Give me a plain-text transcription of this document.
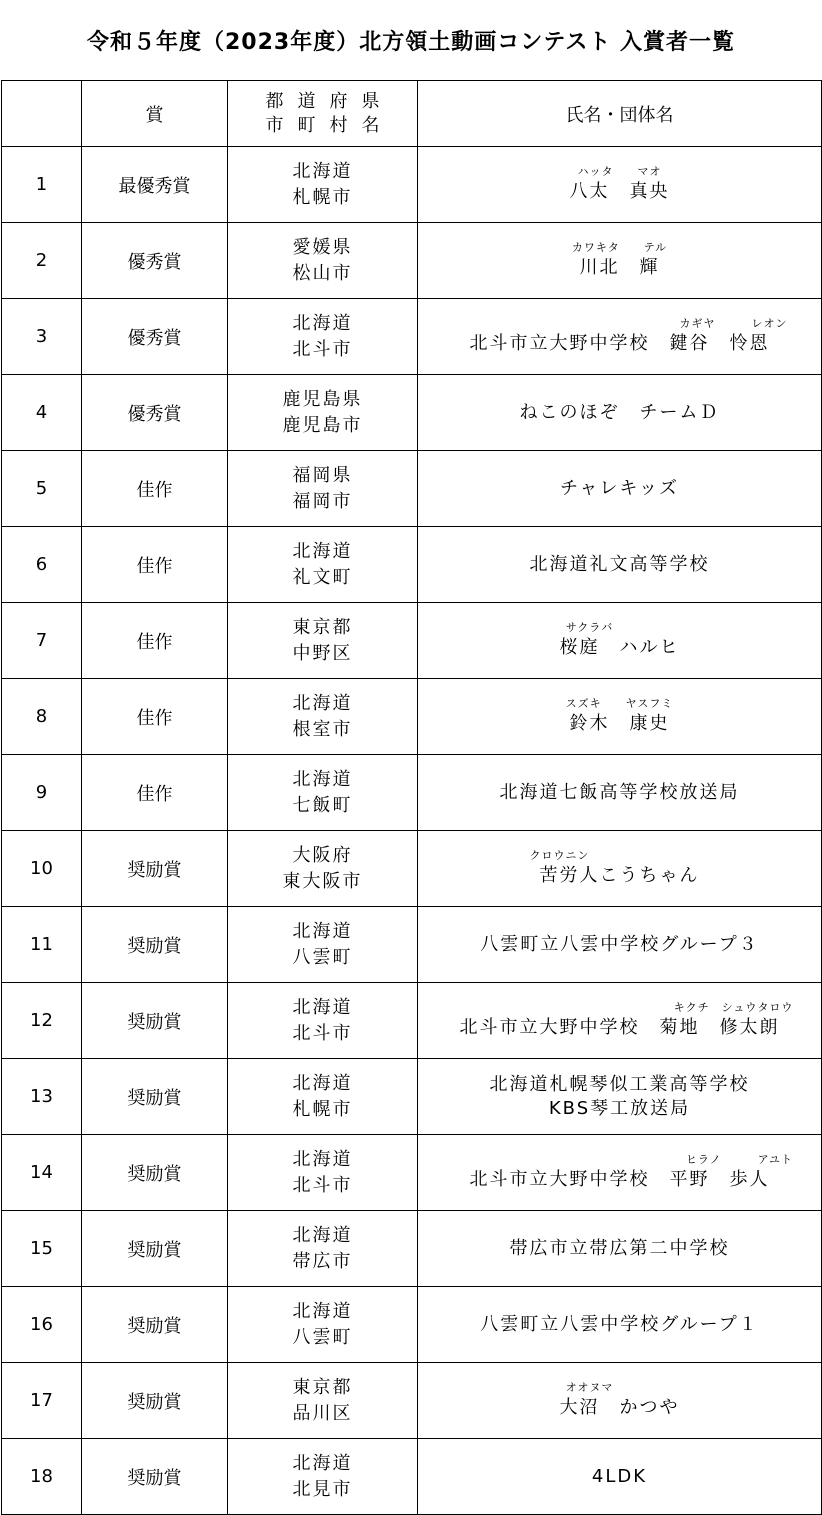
令和５年度（2023年度）北方領土動画コンテスト 入賞者一覧
	賞	都道府県
市町村名	氏名・団体名
1	最優秀賞	北海道
札幌市	ハッタ　　マオ
八太　真央

2	優秀賞	愛媛県
松山市	カワキタ　　テル
川北　輝

3	優秀賞	北海道
北斗市	　　　　　　　　　　　　　　　　　　　カギヤ　　　レオン
北斗市立大野中学校　鍵谷　怜恩

4	優秀賞	鹿児島県
鹿児島市	ねこのほぞ　チームＤ

5	佳作	福岡県
福岡市	チャレキッズ

6	佳作	北海道
礼文町	北海道礼文高等学校

7	佳作	東京都
中野区	サクラバ　　　　　
桜庭　ハルヒ

8	佳作	北海道
根室市	スズキ　　ヤスフミ
鈴木　康史

9	佳作	北海道
七飯町	北海道七飯高等学校放送局

10	奨励賞	大阪府
東大阪市	クロウニン　　　　　　　　　　
苦労人こうちゃん

11	奨励賞	北海道
八雲町	八雲町立八雲中学校グループ３

12	奨励賞	北海道
北斗市	　　　　　　　　　　　　　　　　　　　キクチ　シュウタロウ
北斗市立大野中学校　菊地　修太朗

13	奨励賞	北海道
札幌市	北海道札幌琴似工業高等学校
KBS琴工放送局

14	奨励賞	北海道
北斗市	　　　　　　　　　　　　　　　　　　　　ヒラノ　　　アユト
北斗市立大野中学校　平野　歩人

15	奨励賞	北海道
帯広市	帯広市立帯広第二中学校

16	奨励賞	北海道
八雲町	八雲町立八雲中学校グループ１

17	奨励賞	東京都
品川区	オオヌマ　　　　　
大沼　かつや

18	奨励賞	北海道
北見市	4LDK
